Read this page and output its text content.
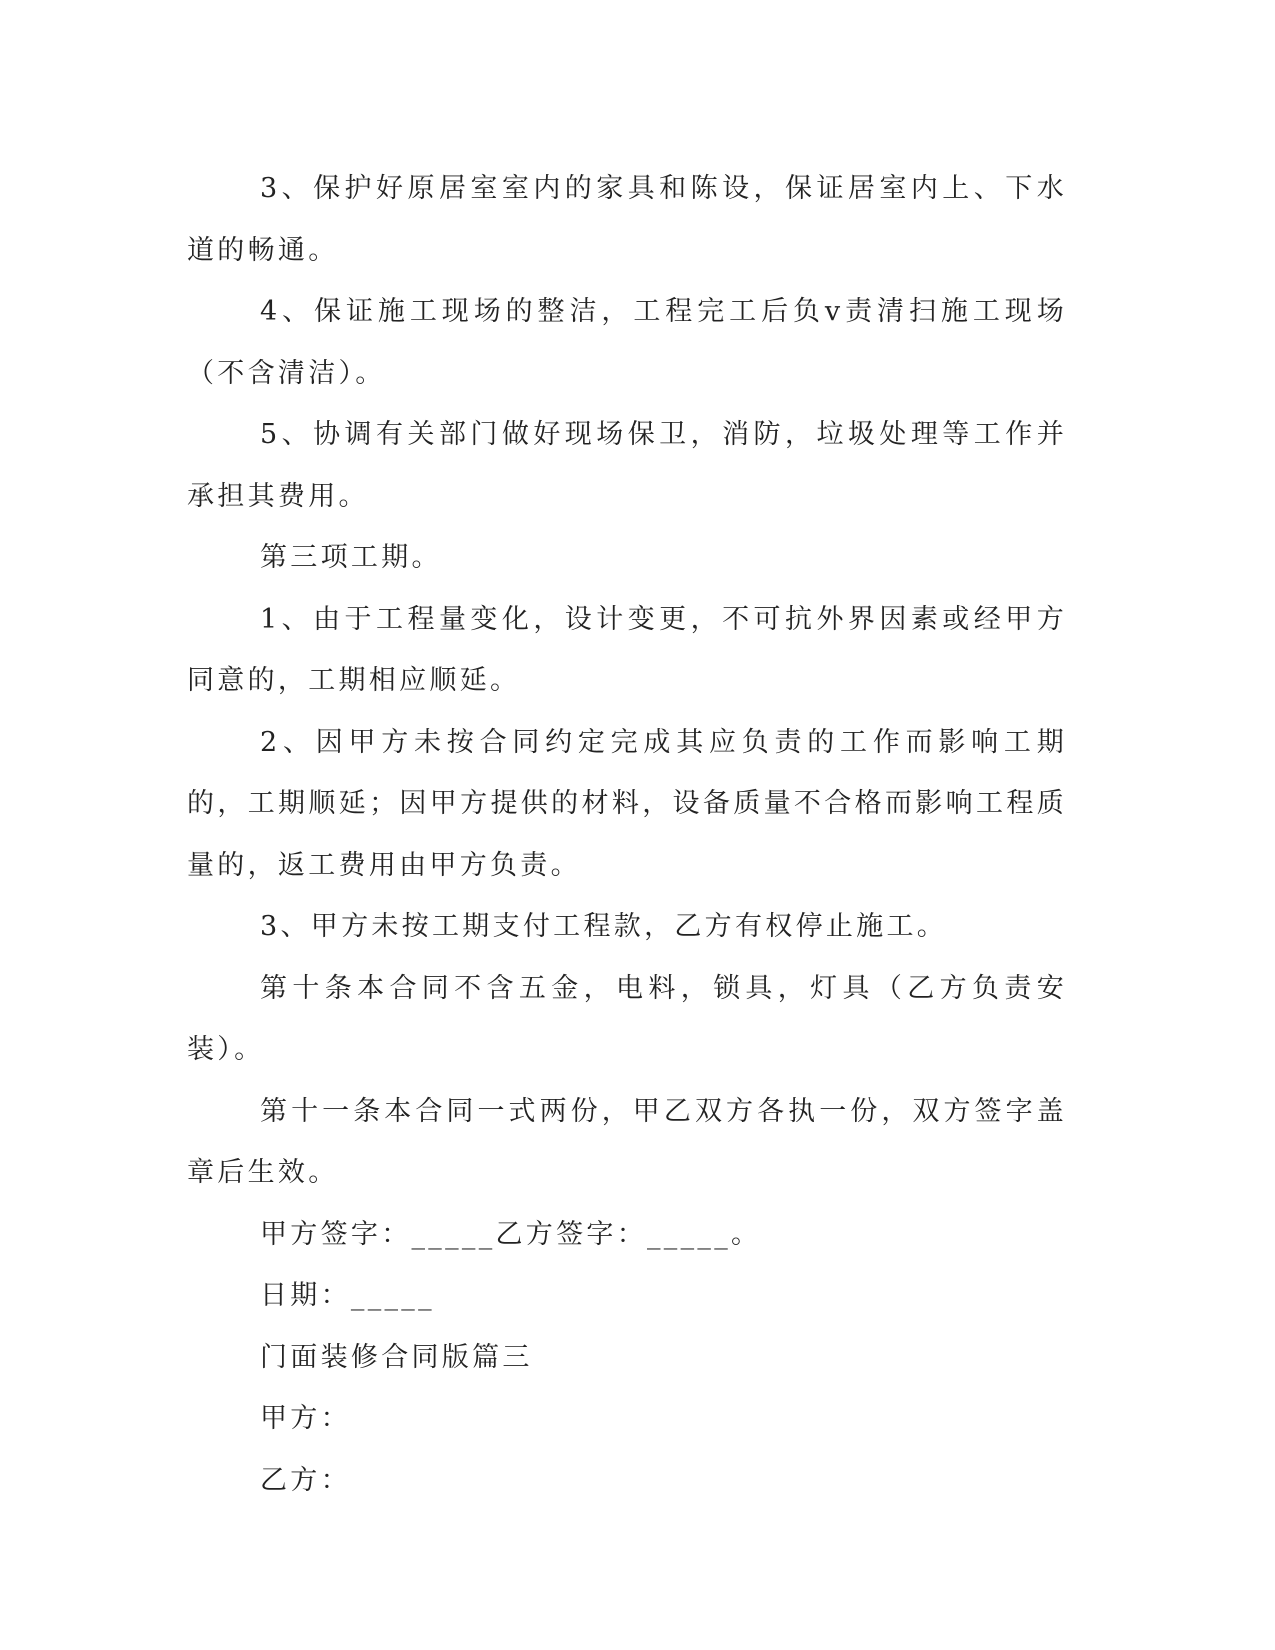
3、保护好原居室室内的家具和陈设，保证居室内上、下水道的畅通。

4、保证施工现场的整洁，工程完工后负v责清扫施工现场（不含清洁）。

5、协调有关部门做好现场保卫，消防，垃圾处理等工作并承担其费用。

第三项工期。

1、由于工程量变化，设计变更，不可抗外界因素或经甲方同意的，工期相应顺延。

2、因甲方未按合同约定完成其应负责的工作而影响工期的，工期顺延；因甲方提供的材料，设备质量不合格而影响工程质量的，返工费用由甲方负责。

3、甲方未按工期支付工程款，乙方有权停止施工。

第十条本合同不含五金，电料，锁具，灯具（乙方负责安装）。

第十一条本合同一式两份，甲乙双方各执一份，双方签字盖章后生效。

甲方签字：_____乙方签字：_____。

日期：_____

门面装修合同版篇三

甲方：

乙方：
